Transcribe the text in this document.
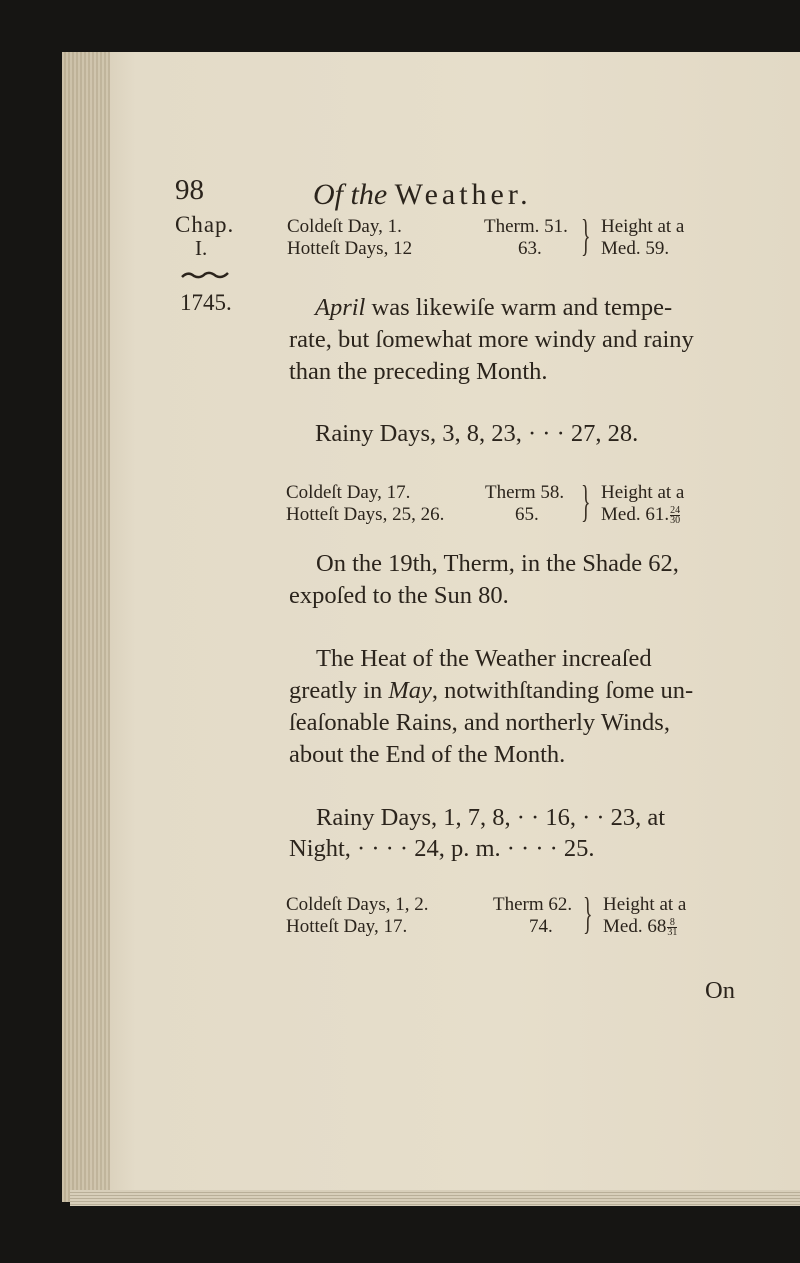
98	Of the Weather.
Chap.
I.
1745.
Coldeſt Day, 1.
Hotteſt Days, 12
Therm. 51.
63. } Height at a
Med. 59.
April was likewiſe warm and tempe-
rate, but ſomewhat more windy and rainy
than the preceding Month.
Rainy Days, 3, 8, 23, · · · 27, 28.
Coldeſt Day, 17.
Hotteſt Days, 25, 26.
Therm 58.
65. } Height at a
Med. 61. $\frac{24}{30}$
On the 19th, Therm, in the Shade 62,
expoſed to the Sun 80.
The Heat of the Weather increaſed
greatly in May, notwithſtanding ſome un-
ſeaſonable Rains, and northerly Winds,
about the End of the Month.
Rainy Days, 1, 7, 8, · · 16, · · 23, at
Night, · · · · 24, p. m. · · · · 25.
Coldeſt Days, 1, 2.
Hotteſt Day, 17.
Therm 62.
74. } Height at a
Med. $68 \frac{8}{31}$
On
